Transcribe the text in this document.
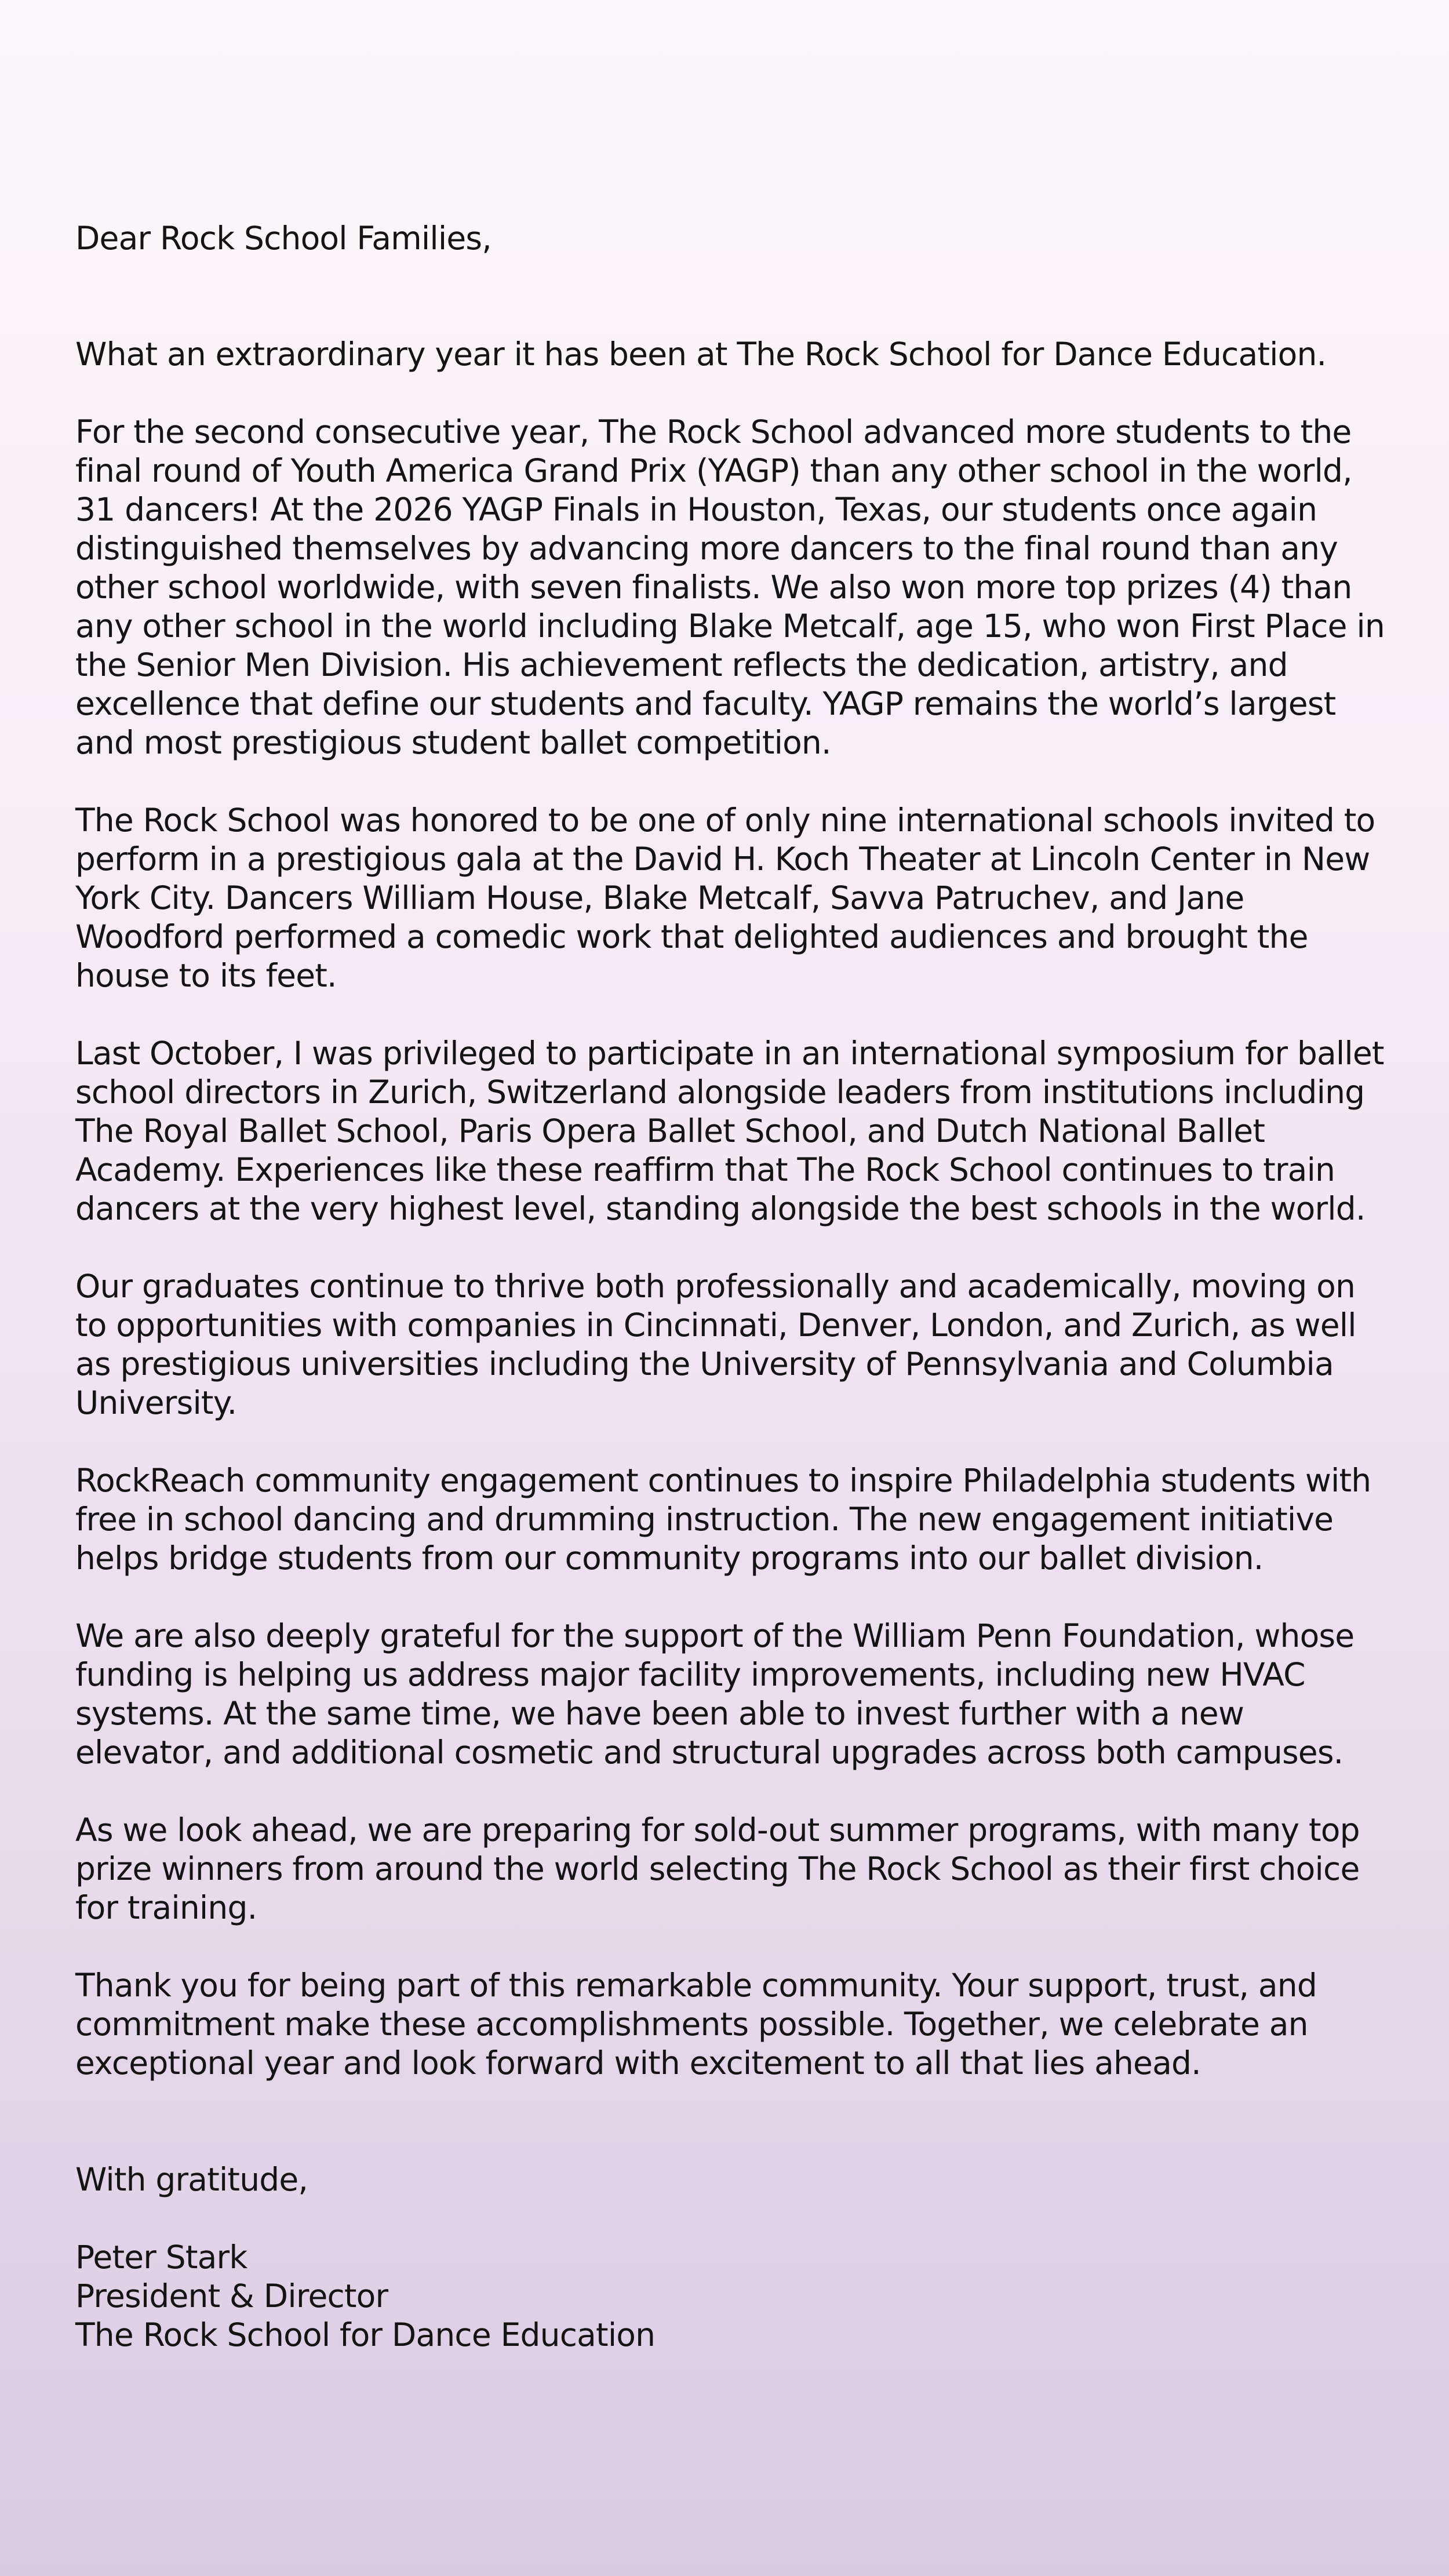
Dear Rock School Families,

What an extraordinary year it has been at The Rock School for Dance Education.

For the second consecutive year, The Rock School advanced more students to the final round of Youth America Grand Prix (YAGP) than any other school in the world, 31 dancers! At the 2026 YAGP Finals in Houston, Texas, our students once again distinguished themselves by advancing more dancers to the final round than any other school worldwide, with seven finalists. We also won more top prizes (4) than any other school in the world including Blake Metcalf, age 15, who won First Place in the Senior Men Division. His achievement reflects the dedication, artistry, and excellence that define our students and faculty. YAGP remains the world’s largest and most prestigious student ballet competition.

The Rock School was honored to be one of only nine international schools invited to perform in a prestigious gala at the David H. Koch Theater at Lincoln Center in New York City. Dancers William House, Blake Metcalf, Savva Patruchev, and Jane Woodford performed a comedic work that delighted audiences and brought the house to its feet.

Last October, I was privileged to participate in an international symposium for ballet school directors in Zurich, Switzerland alongside leaders from institutions including The Royal Ballet School, Paris Opera Ballet School, and Dutch National Ballet Academy. Experiences like these reaffirm that The Rock School continues to train dancers at the very highest level, standing alongside the best schools in the world.

Our graduates continue to thrive both professionally and academically, moving on to opportunities with companies in Cincinnati, Denver, London, and Zurich, as well as prestigious universities including the University of Pennsylvania and Columbia University.

RockReach community engagement continues to inspire Philadelphia students with free in school dancing and drumming instruction. The new engagement initiative helps bridge students from our community programs into our ballet division.

We are also deeply grateful for the support of the William Penn Foundation, whose funding is helping us address major facility improvements, including new HVAC systems. At the same time, we have been able to invest further with a new elevator, and additional cosmetic and structural upgrades across both campuses.

As we look ahead, we are preparing for sold-out summer programs, with many top prize winners from around the world selecting The Rock School as their first choice for training.

Thank you for being part of this remarkable community. Your support, trust, and commitment make these accomplishments possible. Together, we celebrate an exceptional year and look forward with excitement to all that lies ahead.

With gratitude,

Peter Stark
President & Director
The Rock School for Dance Education
